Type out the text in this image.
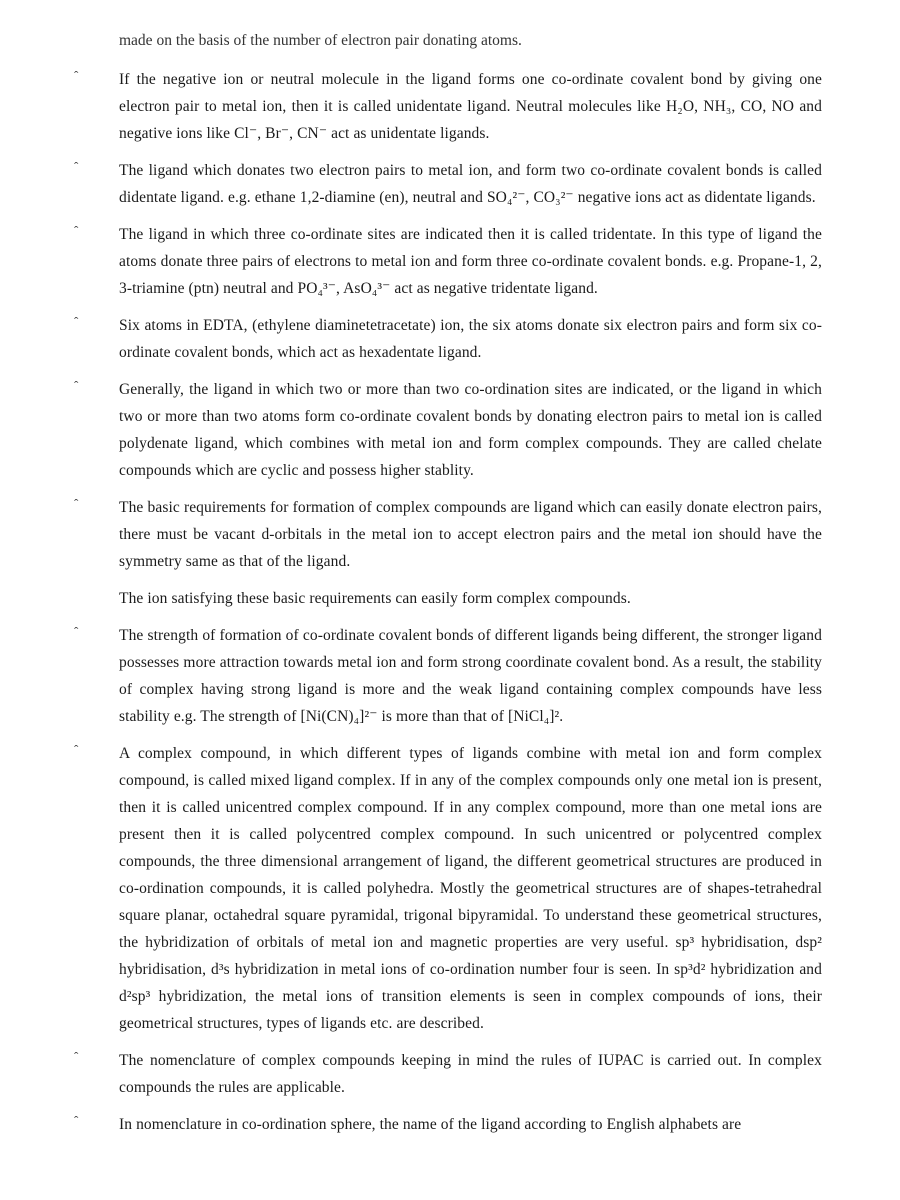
made on the basis of the number of electron pair donating atoms.
ˆ	If the negative ion or neutral molecule in the ligand forms one co-ordinate covalent bond by giving one electron pair to metal ion, then it is called unidentate ligand. Neutral molecules like H₂O, NH₃, CO, NO and negative ions like Cl⁻, Br⁻, CN⁻ act as unidentate ligands.
ˆ	The ligand which donates two electron pairs to metal ion, and form two co-ordinate covalent bonds is called didentate ligand. e.g. ethane 1,2-diamine (en), neutral and SO₄²⁻, CO₃²⁻ negative ions act as didentate ligands.
ˆ	The ligand in which three co-ordinate sites are indicated then it is called tridentate. In this type of ligand the atoms donate three pairs of electrons to metal ion and form three co-ordinate covalent bonds. e.g. Propane-1, 2, 3-triamine (ptn) neutral and PO₄³⁻, AsO₄³⁻ act as negative tridentate ligand.
ˆ	Six atoms in EDTA, (ethylene diaminetetracetate) ion, the six atoms donate six electron pairs and form six co-ordinate covalent bonds, which act as hexadentate ligand.
ˆ	Generally, the ligand in which two or more than two co-ordination sites are indicated, or the ligand in which two or more than two atoms form co-ordinate covalent bonds by donating electron pairs to metal ion is called polydenate ligand, which combines with metal ion and form complex compounds. They are called chelate compounds which are cyclic and possess higher stablity.
ˆ	The basic requirements for formation of complex compounds are ligand which can easily donate electron pairs, there must be vacant d-orbitals in the metal ion to accept electron pairs and the metal ion should have the symmetry same as that of the ligand.
The ion satisfying these basic requirements can easily form complex compounds.
ˆ	The strength of formation of co-ordinate covalent bonds of different ligands being different, the stronger ligand possesses more attraction towards metal ion and form strong coordinate covalent bond. As a result, the stability of complex having strong ligand is more and the weak ligand containing complex compounds have less stability e.g. The strength of [Ni(CN)₄]²⁻ is more than that of [NiCl₄]².
ˆ	A complex compound, in which different types of ligands combine with metal ion and form complex compound, is called mixed ligand complex. If in any of the complex compounds only one metal ion is present, then it is called unicentred complex compound. If in any complex compound, more than one metal ions are present then it is called polycentred complex compound. In such unicentred or polycentred complex compounds, the three dimensional arrangement of ligand, the different geometrical structures are produced in co-ordination compounds, it is called polyhedra. Mostly the geometrical structures are of shapes-tetrahedral square planar, octahedral square pyramidal, trigonal bipyramidal. To understand these geometrical structures, the hybridization of orbitals of metal ion and magnetic properties are very useful. sp³ hybridisation, dsp² hybridisation, d³s hybridization in metal ions of co-ordination number four is seen. In sp³d² hybridization and d²sp³ hybridization, the metal ions of transition elements is seen in complex compounds of ions, their geometrical structures, types of ligands etc. are described.
ˆ	The nomenclature of complex compounds keeping in mind the rules of IUPAC is carried out. In complex compounds the rules are applicable.
ˆ	In nomenclature in co-ordination sphere, the name of the ligand according to English alphabets are
